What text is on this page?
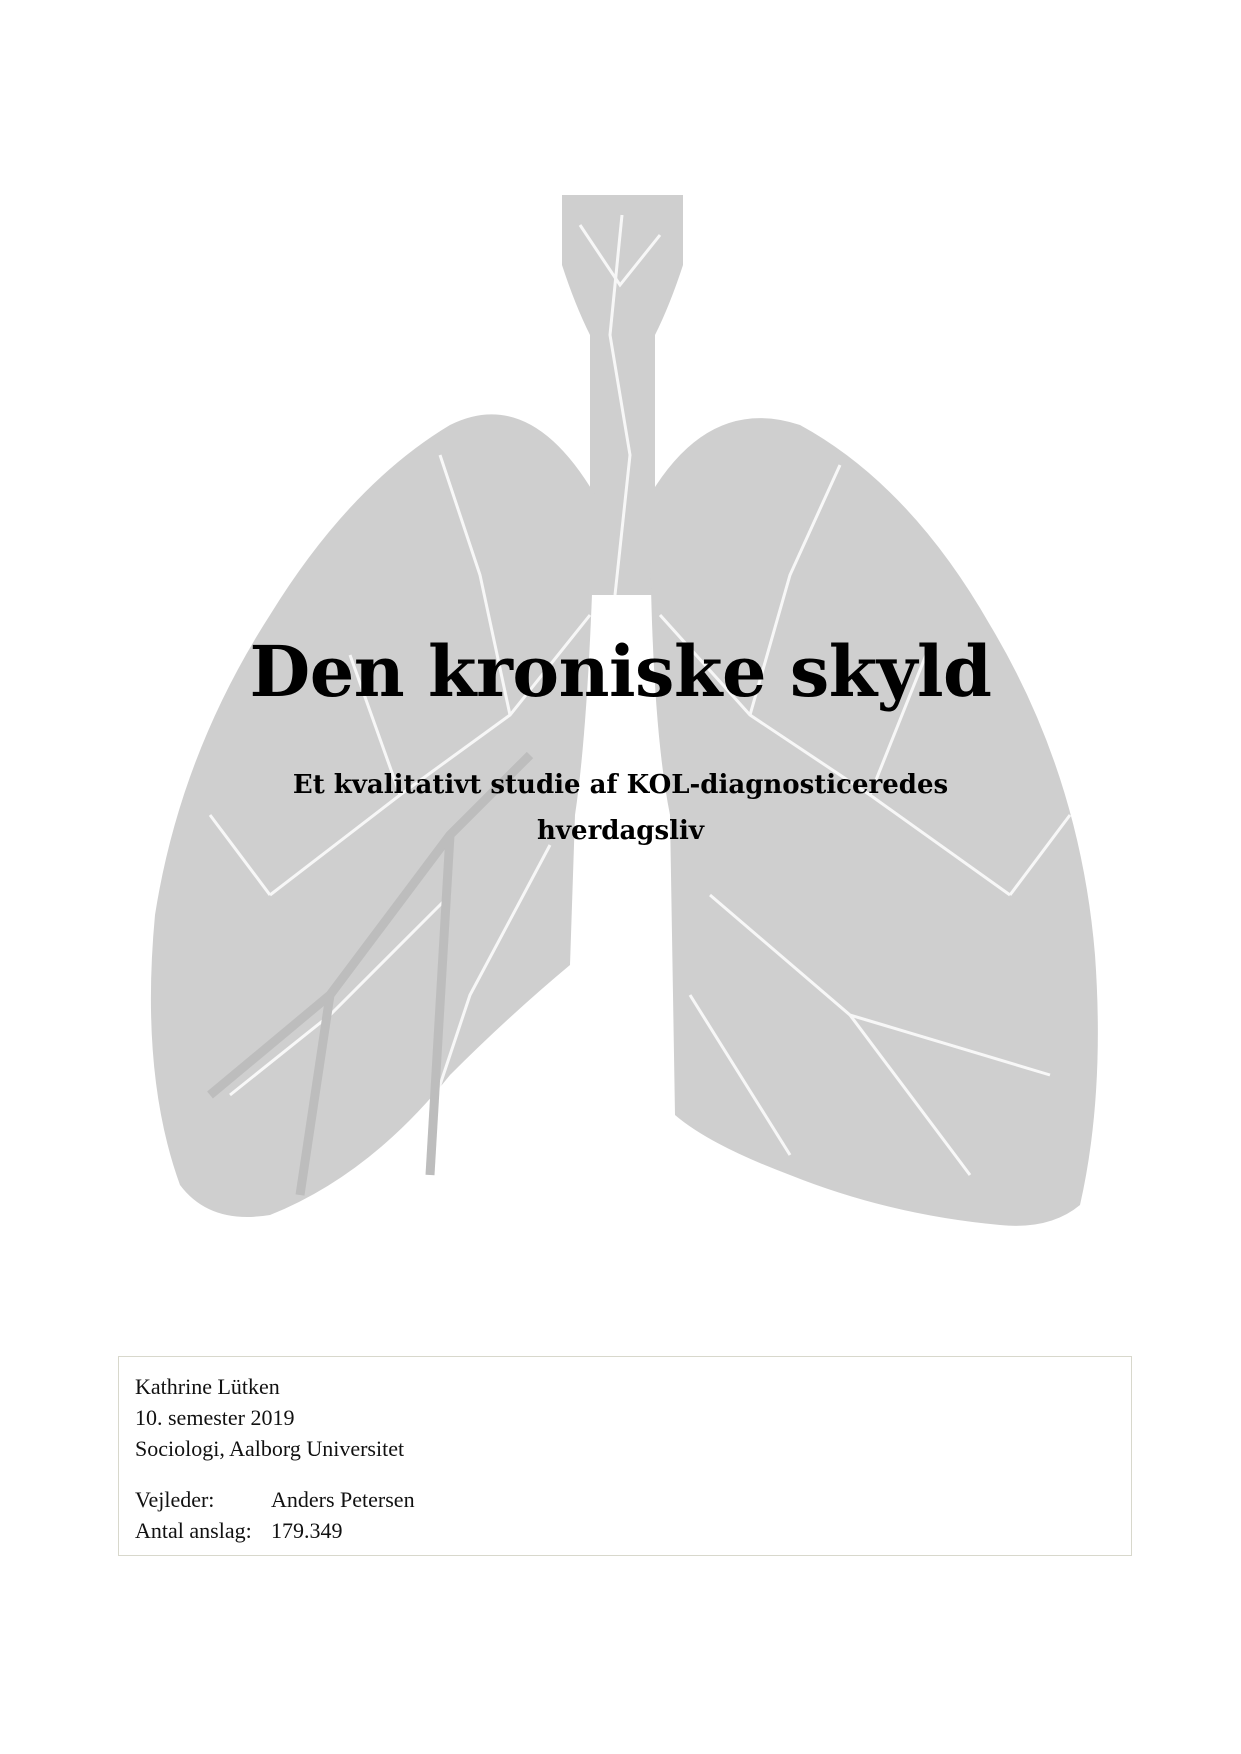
Den kroniske skyld
Et kvalitativt studie af KOL-diagnosticeredes
hverdagsliv
Kathrine Lütken
10. semester 2019
Sociologi, Aalborg Universitet
Vejleder:	Anders Petersen
Antal anslag: 179.349
